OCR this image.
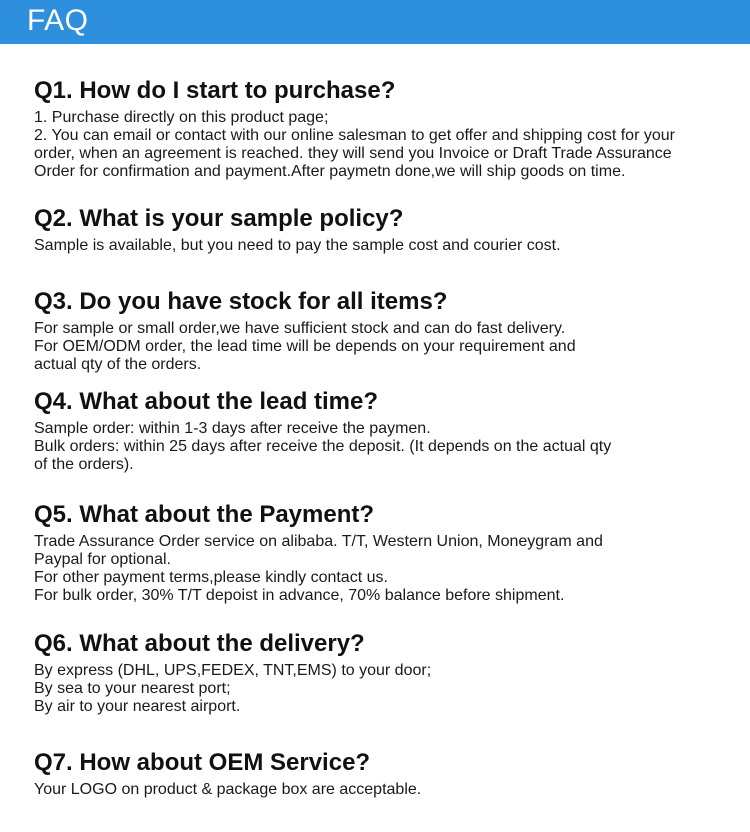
FAQ
Q1. How do I start to purchase?
1. Purchase directly on this product page;
2. You can email or contact with our online salesman to get offer and shipping cost for your
order, when an agreement is reached. they will send you Invoice or Draft Trade Assurance
Order for confirmation and payment.After paymetn done,we will ship goods on time.
Q2. What is your sample policy?
Sample is available, but you need to pay the sample cost and courier cost.
Q3. Do you have stock for all items?
For sample or small order,we have sufficient stock and can do fast delivery.
For OEM/ODM order, the lead time will be depends on your requirement and
actual qty of the orders.
Q4. What about the lead time?
Sample order: within 1-3 days after receive the paymen.
Bulk orders: within 25 days after receive the deposit. (It depends on the actual qty
of the orders).
Q5. What about the Payment?
Trade Assurance Order service on alibaba. T/T, Western Union, Moneygram and
Paypal for optional.
For other payment terms,please kindly contact us.
For bulk order, 30% T/T depoist in advance, 70% balance before shipment.
Q6. What about the delivery?
By express (DHL, UPS,FEDEX, TNT,EMS) to your door;
By sea to your nearest port;
By air to your nearest airport.
Q7. How about OEM Service?
Your LOGO on product & package box are acceptable.
